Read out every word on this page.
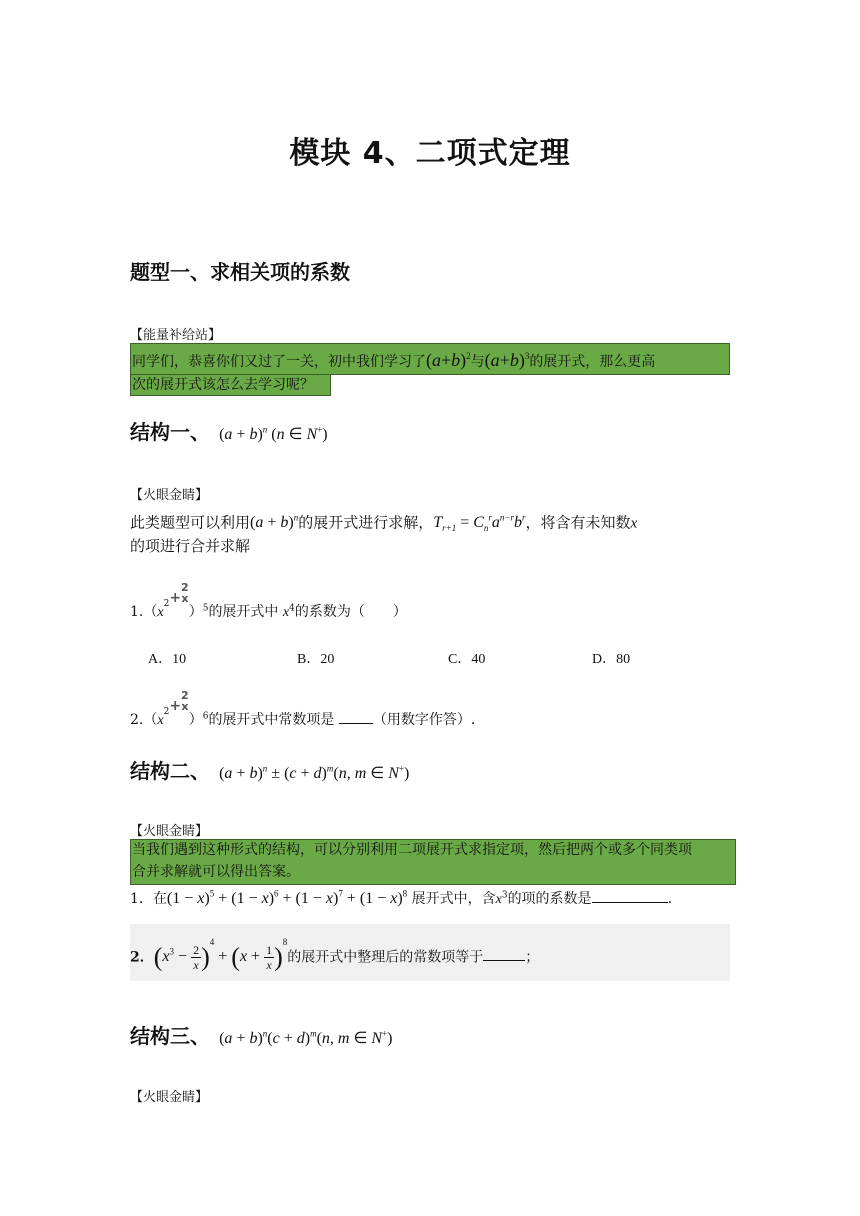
模块 4、二项式定理
题型一、求相关项的系数
【能量补给站】
同学们，恭喜你们又过了一关，初中我们学习了$(a+b)^2$与$(a+b)^3$的展开式，那么更高
次的展开式该怎么去学习呢？
结构一、 $(a + b)^n$ (n ∈ N+)
【火眼金睛】
此类题型可以利用$(a + b)^n$的展开式进行求解，$T_{r+1} = C_n^ra^{n-r}b^r$，将含有未知数x
的项进行合并求解
$1.(x^2+2$
x）$^5$的展开式中 $x^4$的系数为（　　）
A．10	B．20	C．40	D．80
$2.(x^2+2$
x）$^6$的展开式中常数项是	（用数字作答）.
结构二、 $(a + b)^n \pm (c + d)^m(n$, m ∈ N+)
【火眼金睛】
当我们遇到这种形式的结构，可以分别利用二项展开式求指定项，然后把两个或多个同类项
合并求解就可以得出答案。
1．在$(1 - x)^5 + (1 - x)^6 + (1 - x)^7 + (1 - x)^8$ 展开式中，含$x^3$的项的系数是	.
2．$(x^3 - \frac{2}{x} )^4 + (x + \frac{1}{x} )^8$的展开式中整理后的常数项等于	；
结构三、 $(a + b)^n(c + d)^m(n$, m ∈ N+)
【火眼金睛】
